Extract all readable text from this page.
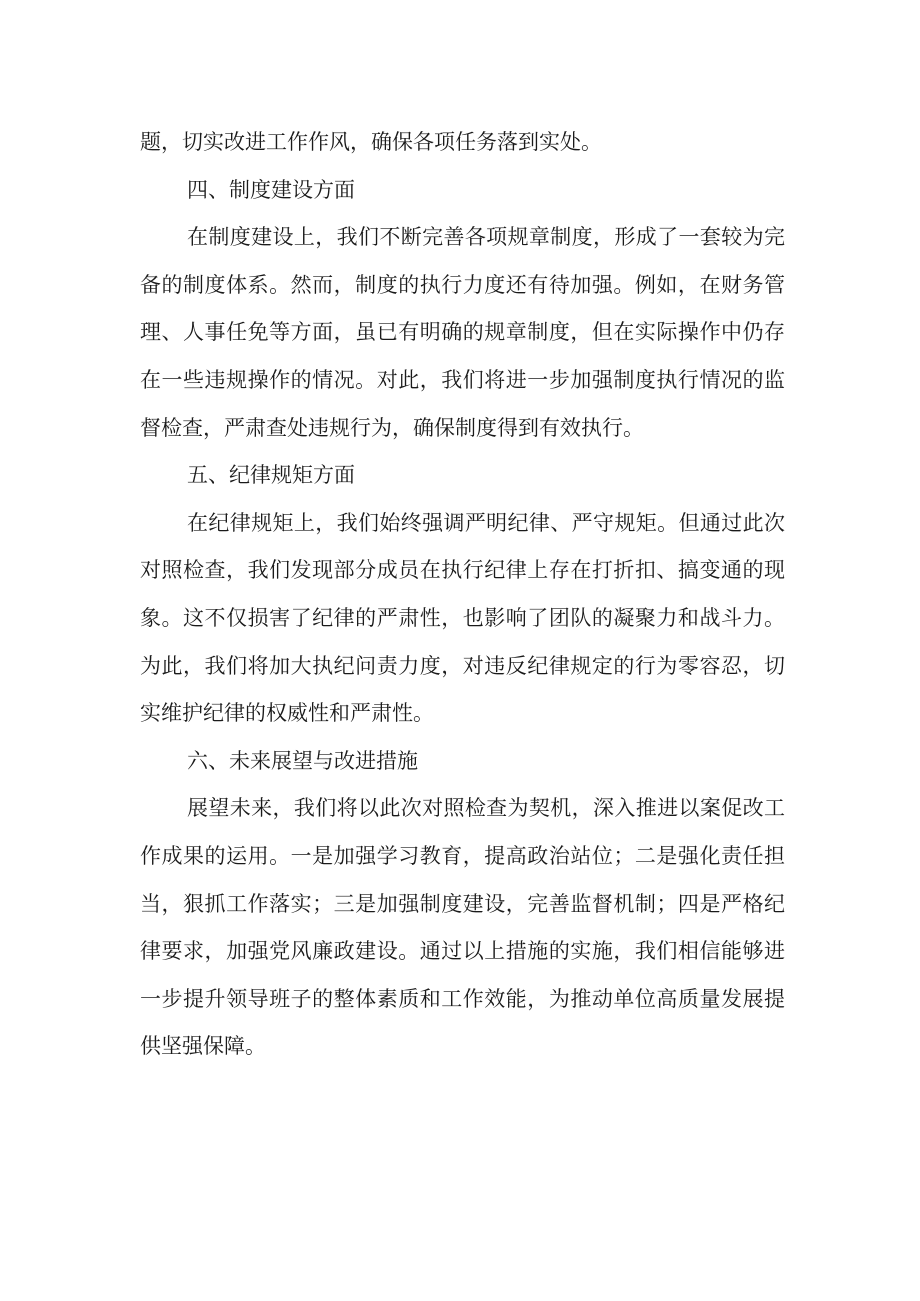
题，切实改进工作作风，确保各项任务落到实处。
四、制度建设方面
在制度建设上，我们不断完善各项规章制度，形成了一套较为完
备的制度体系。然而，制度的执行力度还有待加强。例如，在财务管
理、人事任免等方面，虽已有明确的规章制度，但在实际操作中仍存
在一些违规操作的情况。对此，我们将进一步加强制度执行情况的监
督检查，严肃查处违规行为，确保制度得到有效执行。
五、纪律规矩方面
在纪律规矩上，我们始终强调严明纪律、严守规矩。但通过此次
对照检查，我们发现部分成员在执行纪律上存在打折扣、搞变通的现
象。这不仅损害了纪律的严肃性，也影响了团队的凝聚力和战斗力。
为此，我们将加大执纪问责力度，对违反纪律规定的行为零容忍，切
实维护纪律的权威性和严肃性。
六、未来展望与改进措施
展望未来，我们将以此次对照检查为契机，深入推进以案促改工
作成果的运用。一是加强学习教育，提高政治站位；二是强化责任担
当，狠抓工作落实；三是加强制度建设，完善监督机制；四是严格纪
律要求，加强党风廉政建设。通过以上措施的实施，我们相信能够进
一步提升领导班子的整体素质和工作效能，为推动单位高质量发展提
供坚强保障。
